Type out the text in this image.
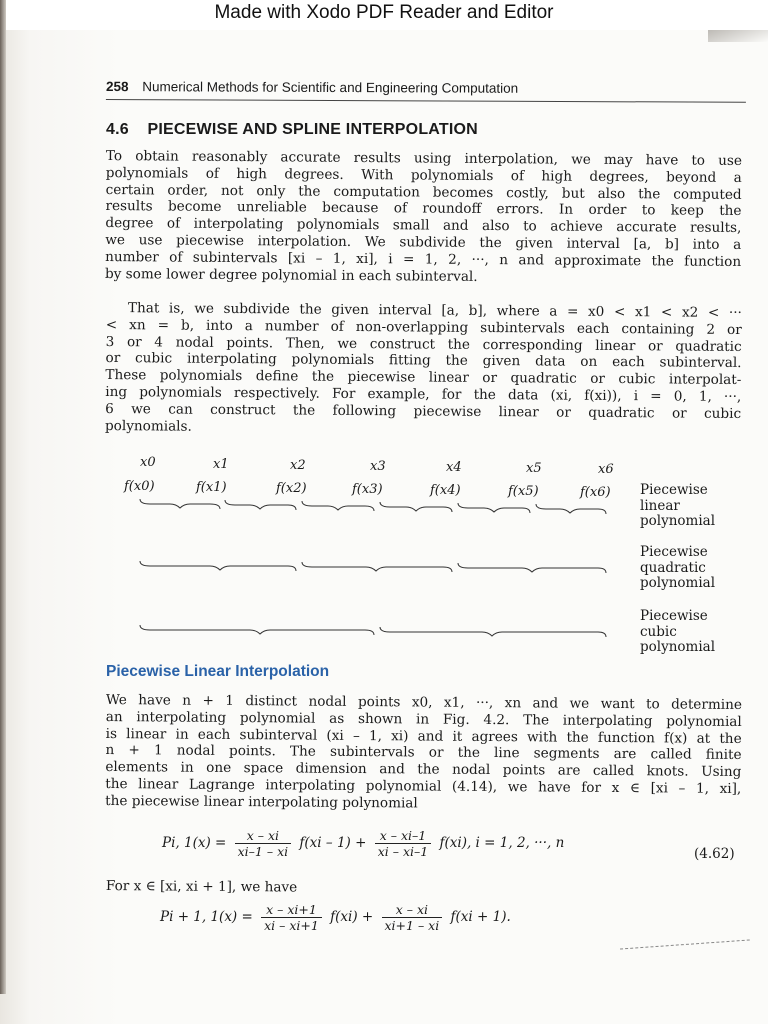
Made with Xodo PDF Reader and Editor
258 Numerical Methods for Scientific and Engineering Computation
4.6 PIECEWISE AND SPLINE INTERPOLATION
To obtain reasonably accurate results using interpolation, we may have to use
polynomials of high degrees. With polynomials of high degrees, beyond a
certain order, not only the computation becomes costly, but also the computed
results become unreliable because of roundoff errors. In order to keep the
degree of interpolating polynomials small and also to achieve accurate results,
we use piecewise interpolation. We subdivide the given interval [a, b] into a
number of subintervals [xi – 1, xi], i = 1, 2, ···, n and approximate the function
by some lower degree polynomial in each subinterval.
That is, we subdivide the given interval [a, b], where a = x0 < x1 < x2 < ···
< xn = b, into a number of non-overlapping subintervals each containing 2 or
3 or 4 nodal points. Then, we construct the corresponding linear or quadratic
or cubic interpolating polynomials fitting the given data on each subinterval.
These polynomials define the piecewise linear or quadratic or cubic interpolat-
ing polynomials respectively. For example, for the data (xi, f(xi)), i = 0, 1, ···,
6 we can construct the following piecewise linear or quadratic or cubic
polynomials.
x0	x1	x2	x3	x4	x5	x6
f(x0)	f(x1)	f(x2)	f(x3)	f(x4)	f(x5)	f(x6) Piecewise
linear
polynomial
Piecewise
quadratic
polynomial
Piecewise
cubic
polynomial
Piecewise Linear Interpolation
We have n + 1 distinct nodal points x0, x1, ···, xn and we want to determine
an interpolating polynomial as shown in Fig. 4.2. The interpolating polynomial
is linear in each subinterval (xi – 1, xi) and it agrees with the function f(x) at the
n + 1 nodal points. The subintervals or the line segments are called finite
elements in one space dimension and the nodal points are called knots. Using
the linear Lagrange interpolating polynomial (4.14), we have for x ∈ [xi – 1, xi],
the piecewise linear interpolating polynomial
Pi, $1(x) = \frac{x - xi}{xi-1 - xi} f(xi - 1) + \frac{x - xi-1}{xi - xi-1} f(xi)$, i = 1, 2, ···, n
(4.62)
For x ∈ [xi, xi + 1], we have
Pi + 1, $1(x) = \frac{x - xi+1}{xi - xi+1} f(xi) + \frac{x - xi}{xi+1 - xi} f(xi + 1)$.
